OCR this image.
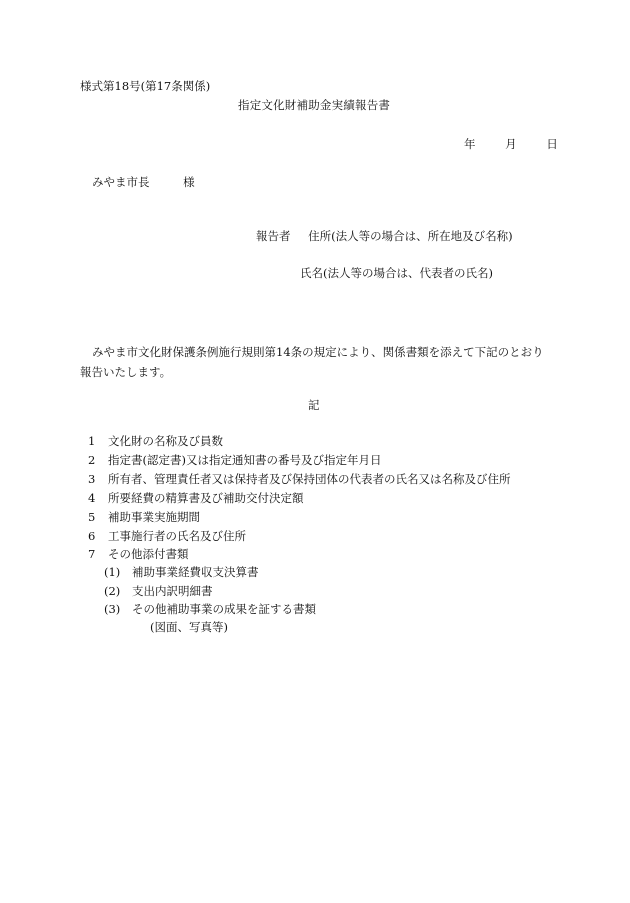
様式第18号(第17条関係)
指定文化財補助金実績報告書
年	月	日
みやま市長	様
報告者 住所(法人等の場合は、所在地及び名称)
氏名(法人等の場合は、代表者の氏名)
みやま市文化財保護条例施行規則第14条の規定により、関係書類を添えて下記のとおり報告いたします。
記
1 文化財の名称及び員数
2 指定書(認定書)又は指定通知書の番号及び指定年月日
3 所有者、管理責任者又は保持者及び保持団体の代表者の氏名又は名称及び住所
4 所要経費の精算書及び補助交付決定額
5 補助事業実施期間
6 工事施行者の氏名及び住所
7 その他添付書類
(1) 補助事業経費収支決算書
(2) 支出内訳明細書
(3) その他補助事業の成果を証する書類
(図面、写真等)
